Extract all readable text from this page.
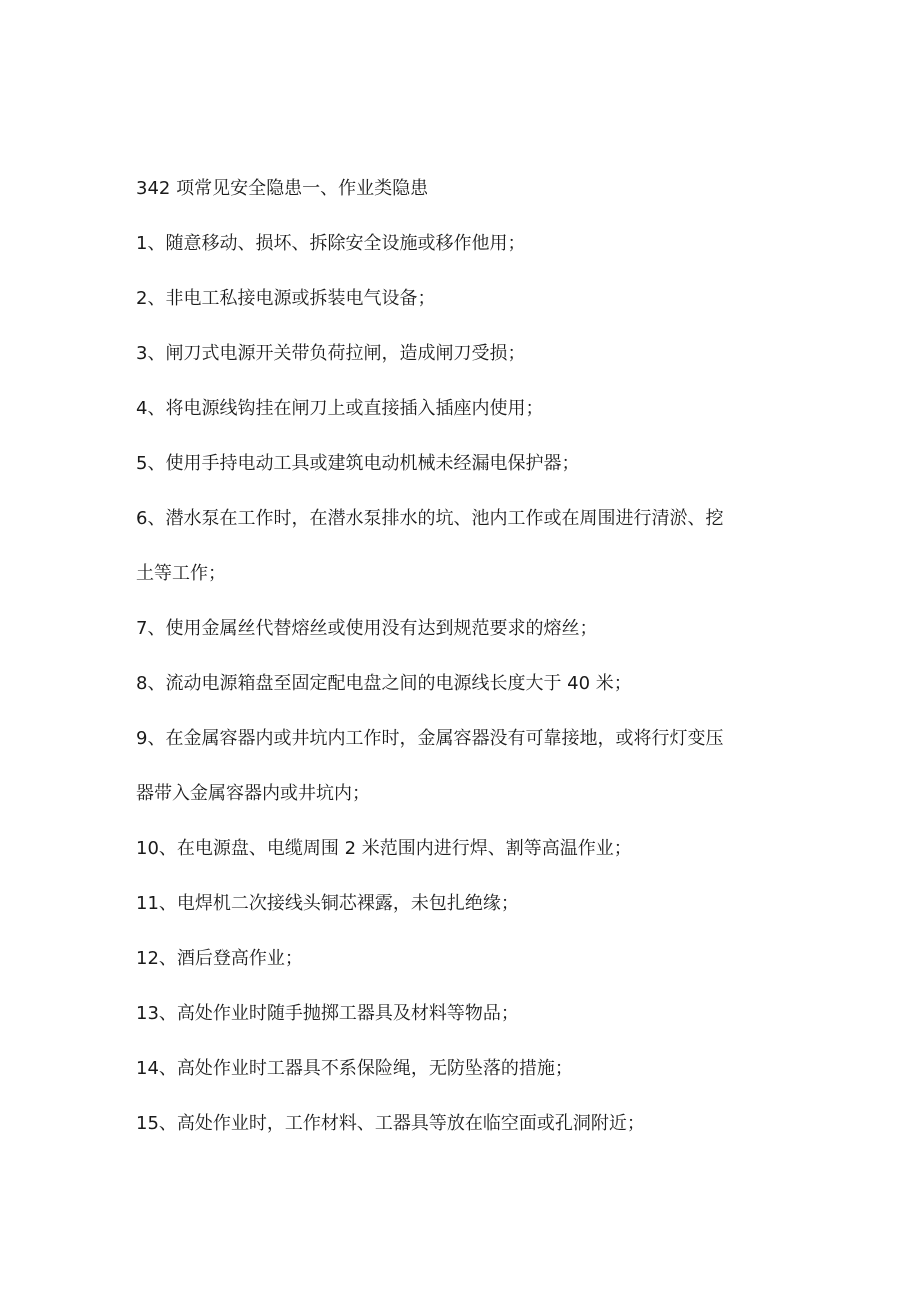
342 项常见安全隐患一、作业类隐患
1、随意移动、损坏、拆除安全设施或移作他用；
2、非电工私接电源或拆装电气设备；
3、闸刀式电源开关带负荷拉闸，造成闸刀受损；
4、将电源线钩挂在闸刀上或直接插入插座内使用；
5、使用手持电动工具或建筑电动机械未经漏电保护器；
6、潜水泵在工作时，在潜水泵排水的坑、池内工作或在周围进行清淤、挖
土等工作；
7、使用金属丝代替熔丝或使用没有达到规范要求的熔丝；
8、流动电源箱盘至固定配电盘之间的电源线长度大于 40 米；
9、在金属容器内或井坑内工作时，金属容器没有可靠接地，或将行灯变压
器带入金属容器内或井坑内；
10、在电源盘、电缆周围 2 米范围内进行焊、割等高温作业；
11、电焊机二次接线头铜芯裸露，未包扎绝缘；
12、酒后登高作业；
13、高处作业时随手抛掷工器具及材料等物品；
14、高处作业时工器具不系保险绳，无防坠落的措施；
15、高处作业时，工作材料、工器具等放在临空面或孔洞附近；
